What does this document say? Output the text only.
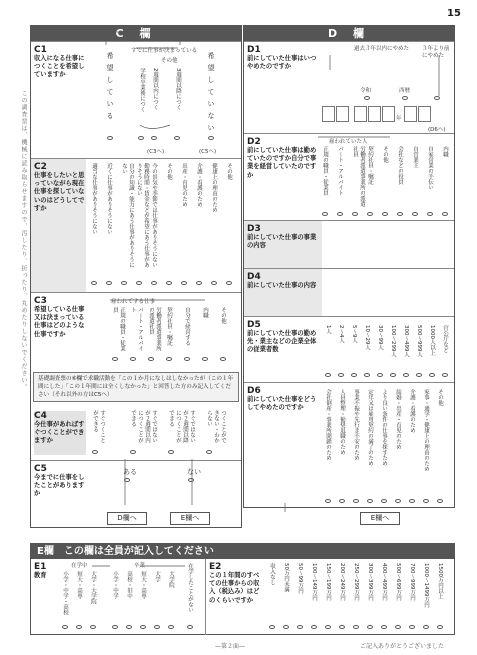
15
この調査票は、機械に読み取らせますので、汚したり、折ったり、丸めたりしないでください。
C 欄
C1
収入になる仕事につくことを希望していますか	希望している
すでに仕事が決まっている
学校卒業後につく 2週間以内につく
その他
3週間以降につく	希望していない
(C3へ)	(C5へ)
C2
仕事をしたいと思っていながら現在仕事を探していないのはどうしてですか	適当な仕事がありそうにない 近くに仕事がありそうにない	自分の知識・能力にあう仕事がありそうにない	勤務時間・賃金などが希望にあう仕事がありそうにない	今の景気や季節では仕事がありそうにない その他 出産・育児のため 介護・看護のため 健康上の理由のため その他
C3
希望している仕事又は決まっている仕事はどのような仕事ですか
雇われてする仕事
正規の職員・従業員	パート・アルバイト	労働者派遣事業所の派遣社員	契約社員・嘱託 自分で経営する 内職 その他
基礎調査票の⑥欄で求職活動を「この１か月になしはしなかったが（この１年間にした」「この１年間には全くしなかった」と回答した方のみ記入してください（それ以外の方はC5へ）
C4
今仕事があればすぐつくことができますか	すぐつくことができる	すぐではないが２週間以内につくことができる	すぐではないが２週間以降につくことができる	つくことができない・わからない
C5
今までに仕事をしたことがありますか
ある	ない
D欄へ	E欄へ
D 欄
D1
前にしていた仕事はいつやめたのですか
過去３年以内にやめた ３年より前にやめた
令和	西暦
年
(D6へ)
D2
前にしていた仕事は勤めていたのですか自分で事業を経営していたのですか
雇われていた人
正規の職員・従業員 パート・アルバイト	労働者派遣事業所の派遣社員	契約社員・嘱託 その他 会社などの役員 自営業主 自家営業の手伝い 内職
D3
前にしていた仕事の事業の内容
D4
前にしていた仕事の内容
D5
前にしていた仕事の勤め先・業主などの企業全体の従業者数
1人 2〜4人 5〜9人 10〜29人 30〜99人 100〜299人 300〜499人 500〜999人 1000人以上 官公庁など
D6
前にしていた仕事をどうしてやめたのですか	会社倒産・事業所閉鎖のため 人員整理・勧奨退職のため 事業不振や先行き不安のため 定年又は雇用契約の満了のため より良い条件の仕事を探すため 結婚・出産・育児のため 介護・看護のため 家事・通学・健康上の理由のため その他
E欄へ
E欄　この欄は全員が記入してください
E1
教育
在学中	卒業
小学・中学・高校 短大・高専 大学・大学院	小学・中学 高校・旧中 短大・高専 大学 大学院 在学したことがない E2
この１年間のすべての仕事からの収入（税込み）はどのくらいですか
収入なし 50万円未満 50〜99万円 100〜149万円 150〜199万円 200〜249万円 250〜299万円 300〜399万円 400〜499万円 500〜699万円 700〜999万円 1000〜1499万円 1500万円以上
—第２面—	ご記入ありがとうございました
